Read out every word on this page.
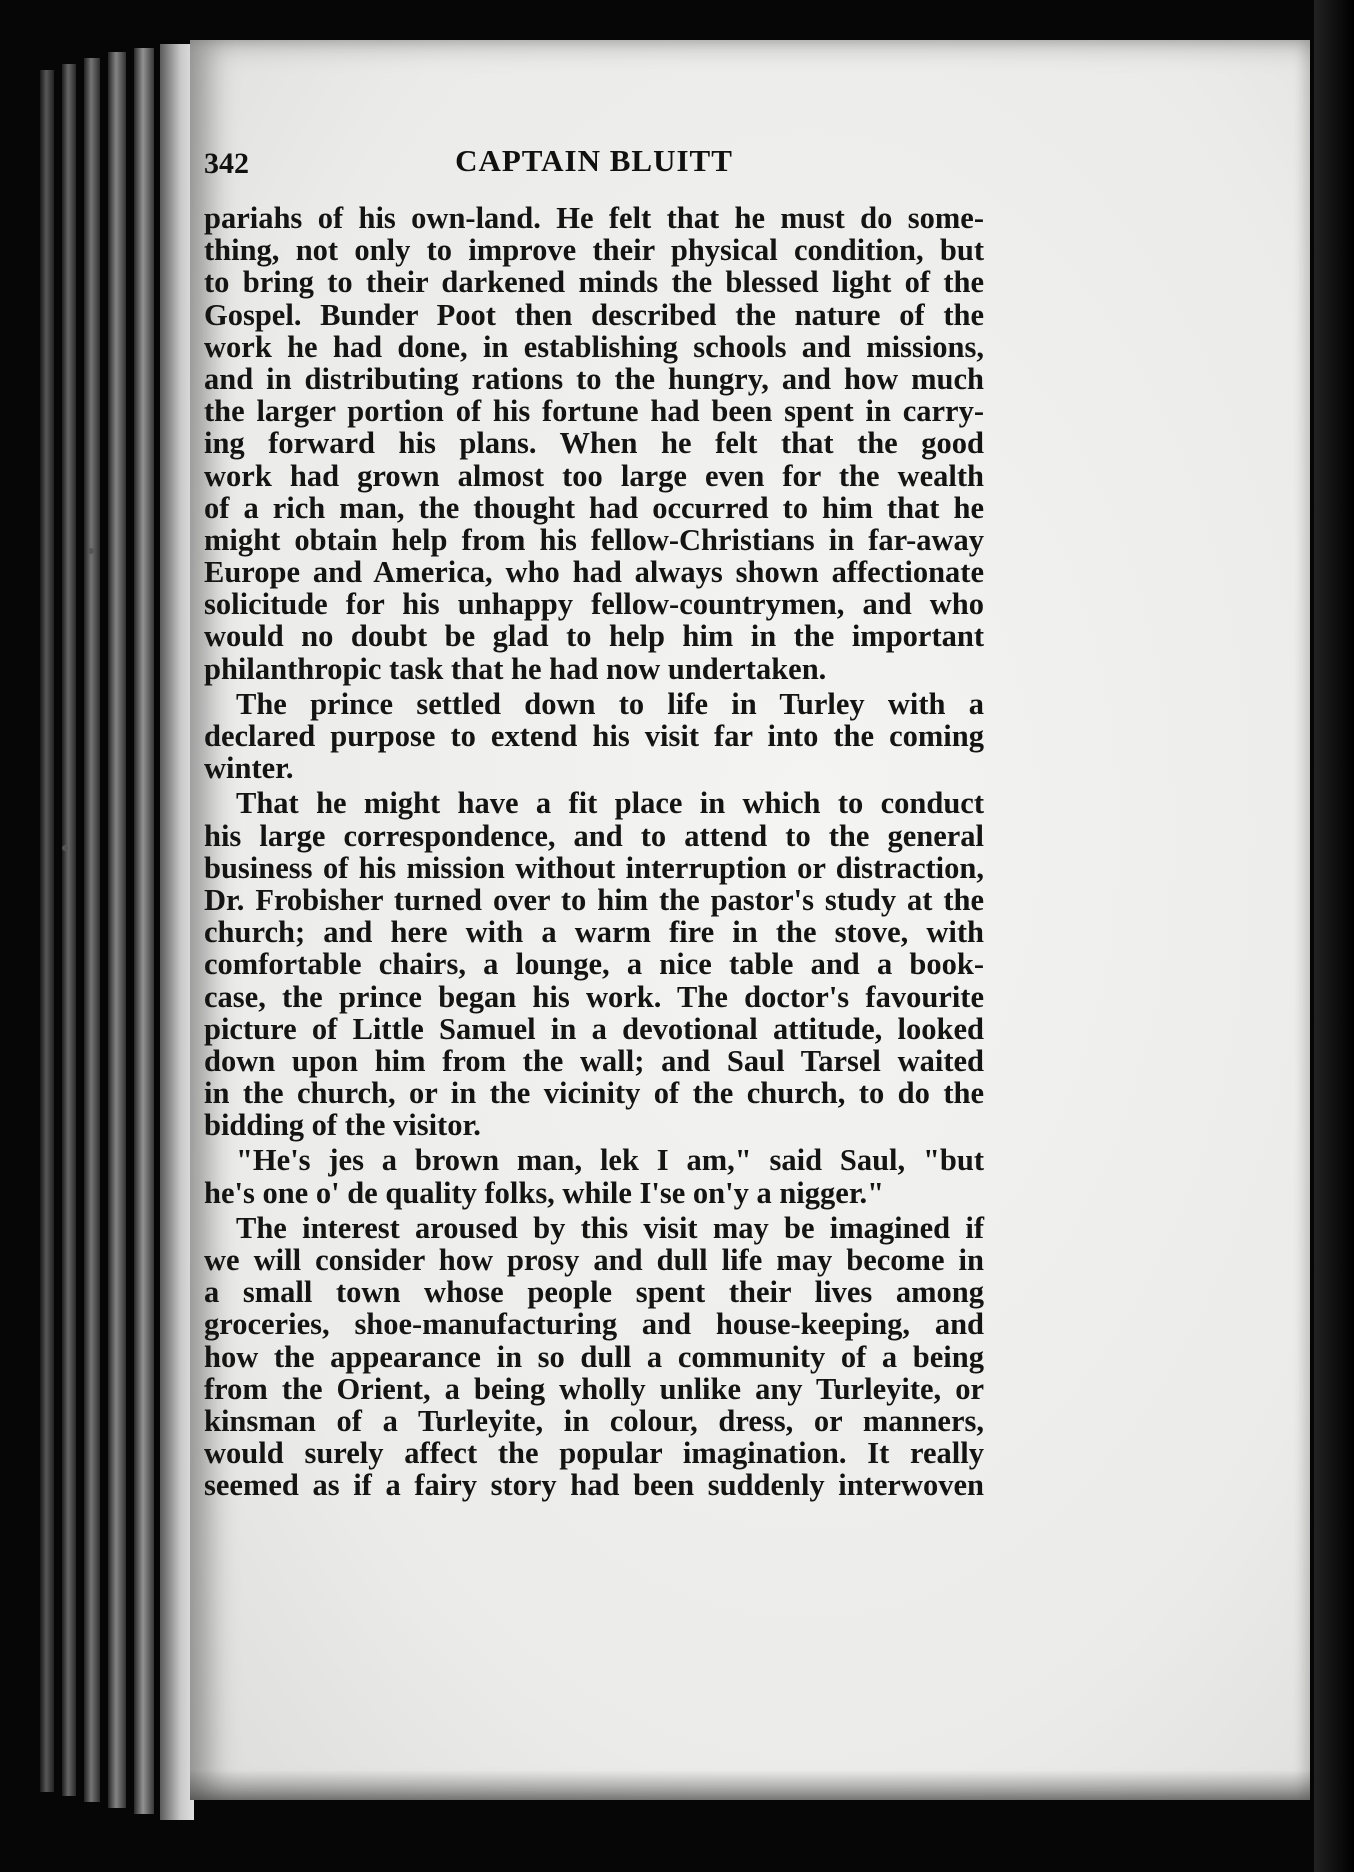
342	CAPTAIN BLUITT
pariahs of his own-land. He felt that he must do some-
thing, not only to improve their physical condition, but
to bring to their darkened minds the blessed light of the
Gospel. Bunder Poot then described the nature of the
work he had done, in establishing schools and missions,
and in distributing rations to the hungry, and how much
the larger portion of his fortune had been spent in carry-
ing forward his plans. When he felt that the good
work had grown almost too large even for the wealth
of a rich man, the thought had occurred to him that he
might obtain help from his fellow-Christians in far-away
Europe and America, who had always shown affectionate
solicitude for his unhappy fellow-countrymen, and who
would no doubt be glad to help him in the important
philanthropic task that he had now undertaken.
The prince settled down to life in Turley with a
declared purpose to extend his visit far into the coming
winter.
That he might have a fit place in which to conduct
his large correspondence, and to attend to the general
business of his mission without interruption or distraction,
Dr. Frobisher turned over to him the pastor's study at the
church; and here with a warm fire in the stove, with
comfortable chairs, a lounge, a nice table and a book-
case, the prince began his work. The doctor's favourite
picture of Little Samuel in a devotional attitude, looked
down upon him from the wall; and Saul Tarsel waited
in the church, or in the vicinity of the church, to do the
bidding of the visitor.
"He's jes a brown man, lek I am," said Saul, "but
he's one o' de quality folks, while I'se on'y a nigger."
The interest aroused by this visit may be imagined if
we will consider how prosy and dull life may become in
a small town whose people spent their lives among
groceries, shoe-manufacturing and house-keeping, and
how the appearance in so dull a community of a being
from the Orient, a being wholly unlike any Turleyite, or
kinsman of a Turleyite, in colour, dress, or manners,
would surely affect the popular imagination. It really
seemed as if a fairy story had been suddenly interwoven
